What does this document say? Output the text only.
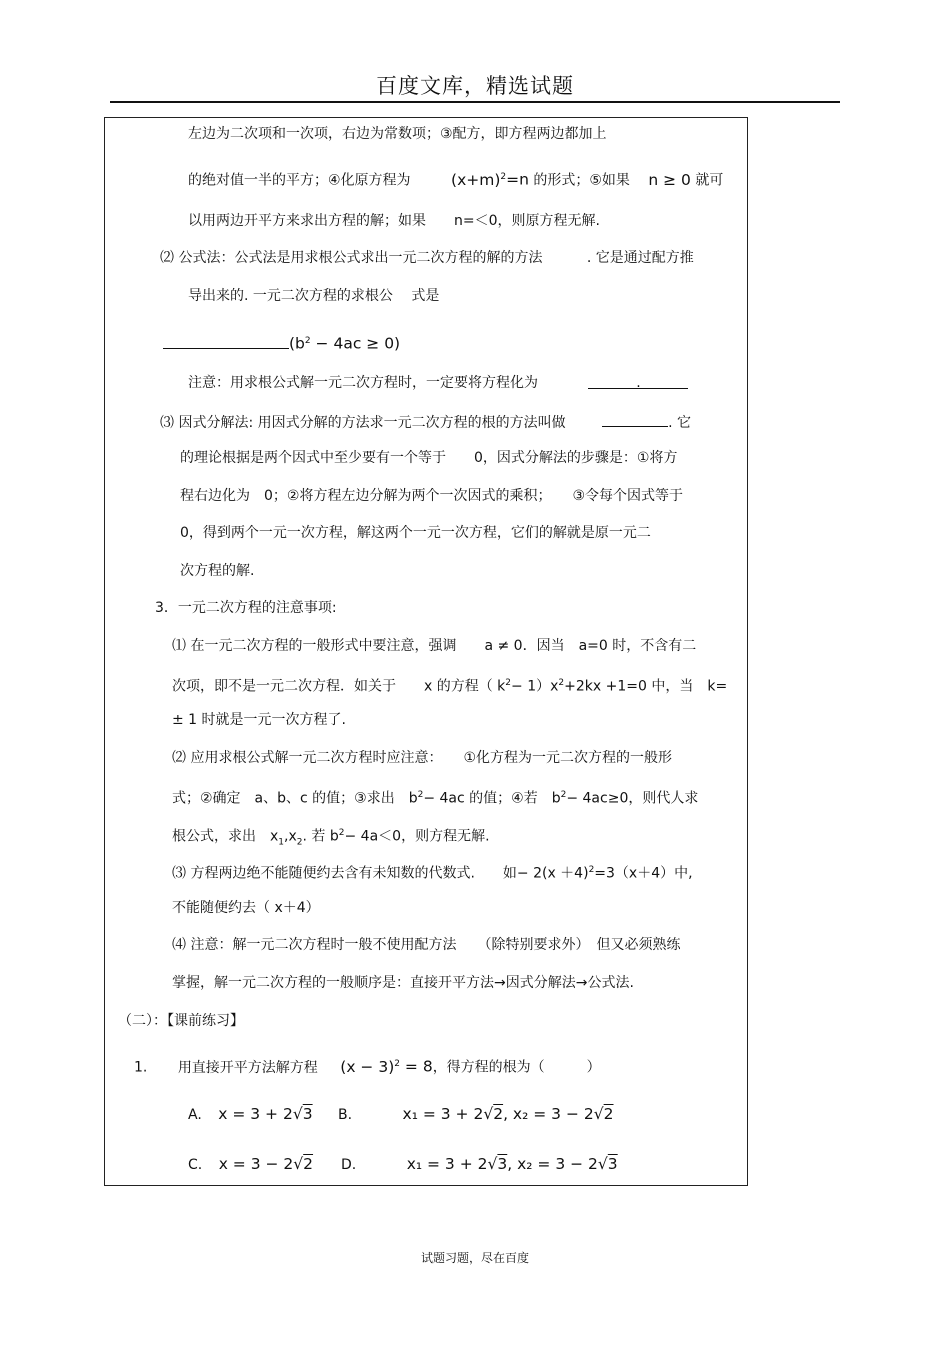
百度文库，精选试题
左边为二次项和一次项，右边为常数项；③配方，即方程两边都加上
的绝对值一半的平方；④化原方程为	$(x+m)^2=n$ 的形式；⑤如果 n ≥ 0 就可
以用两边开平方来求出方程的解；如果　　n=＜0，则原方程无解.
⑵ 公式法：公式法是用求根公式求出一元二次方程的解的方法	. 它是通过配方推
导出来的. 一元二次方程的求根公　 式是
$(b^2 - 4ac \ge 0)$
注意：用求根公式解一元二次方程时，一定要将方程化为	.
⑶ 因式分解法: 用因式分解的方法求一元二次方程的根的方法叫做	. 它
的理论根据是两个因式中至少要有一个等于　　0，因式分解法的步骤是：①将方
程右边化为　0；②将方程左边分解为两个一次因式的乘积；　　③令每个因式等于
0，得到两个一元一次方程，解这两个一元一次方程，它们的解就是原一元二
次方程的解.
3．一元二次方程的注意事项:
⑴ 在一元二次方程的一般形式中要注意，强调　　a ≠ 0．因当　a=0 时，不含有二
次项，即不是一元二次方程．如关于　　x 的方程（ $k^2- 1)x^2+2kx +1=0$ 中，当　k=
± 1 时就是一元一次方程了.
⑵ 应用求根公式解一元二次方程时应注意：　　①化方程为一元二次方程的一般形
式；②确定　a、b、c 的值；③求出　$b^2- 4ac$ 的值；④若　$b^2- 4ac\ge 0$，则代人求
根公式，求出　$x_1,x_2$. 若 $b^2- 4a<0$，则方程无解.
⑶ 方程两边绝不能随便约去含有未知数的代数式.　　如− $2(x +4)^2=3(x+4)$中,
不能随便约去（ x＋4）
⑷ 注意：解一元二次方程时一般不使用配方法　　（除特别要求外）　但又必须熟练
掌握，解一元二次方程的一般顺序是：直接开平方法→因式分解法→公式法.
（二）：【课前练习】
1. 用直接开平方法解方程 $(x - 3)^2 = 8$，得方程的根为（　　　）
A. x = 3 + 2√3 B.	x₁ = 3 + 2√2, x₂ = 3 − 2√2
C. x = 3 − 2√2 D.	x₁ = 3 + 2√3, x₂ = 3 − 2√3
试题习题，尽在百度
